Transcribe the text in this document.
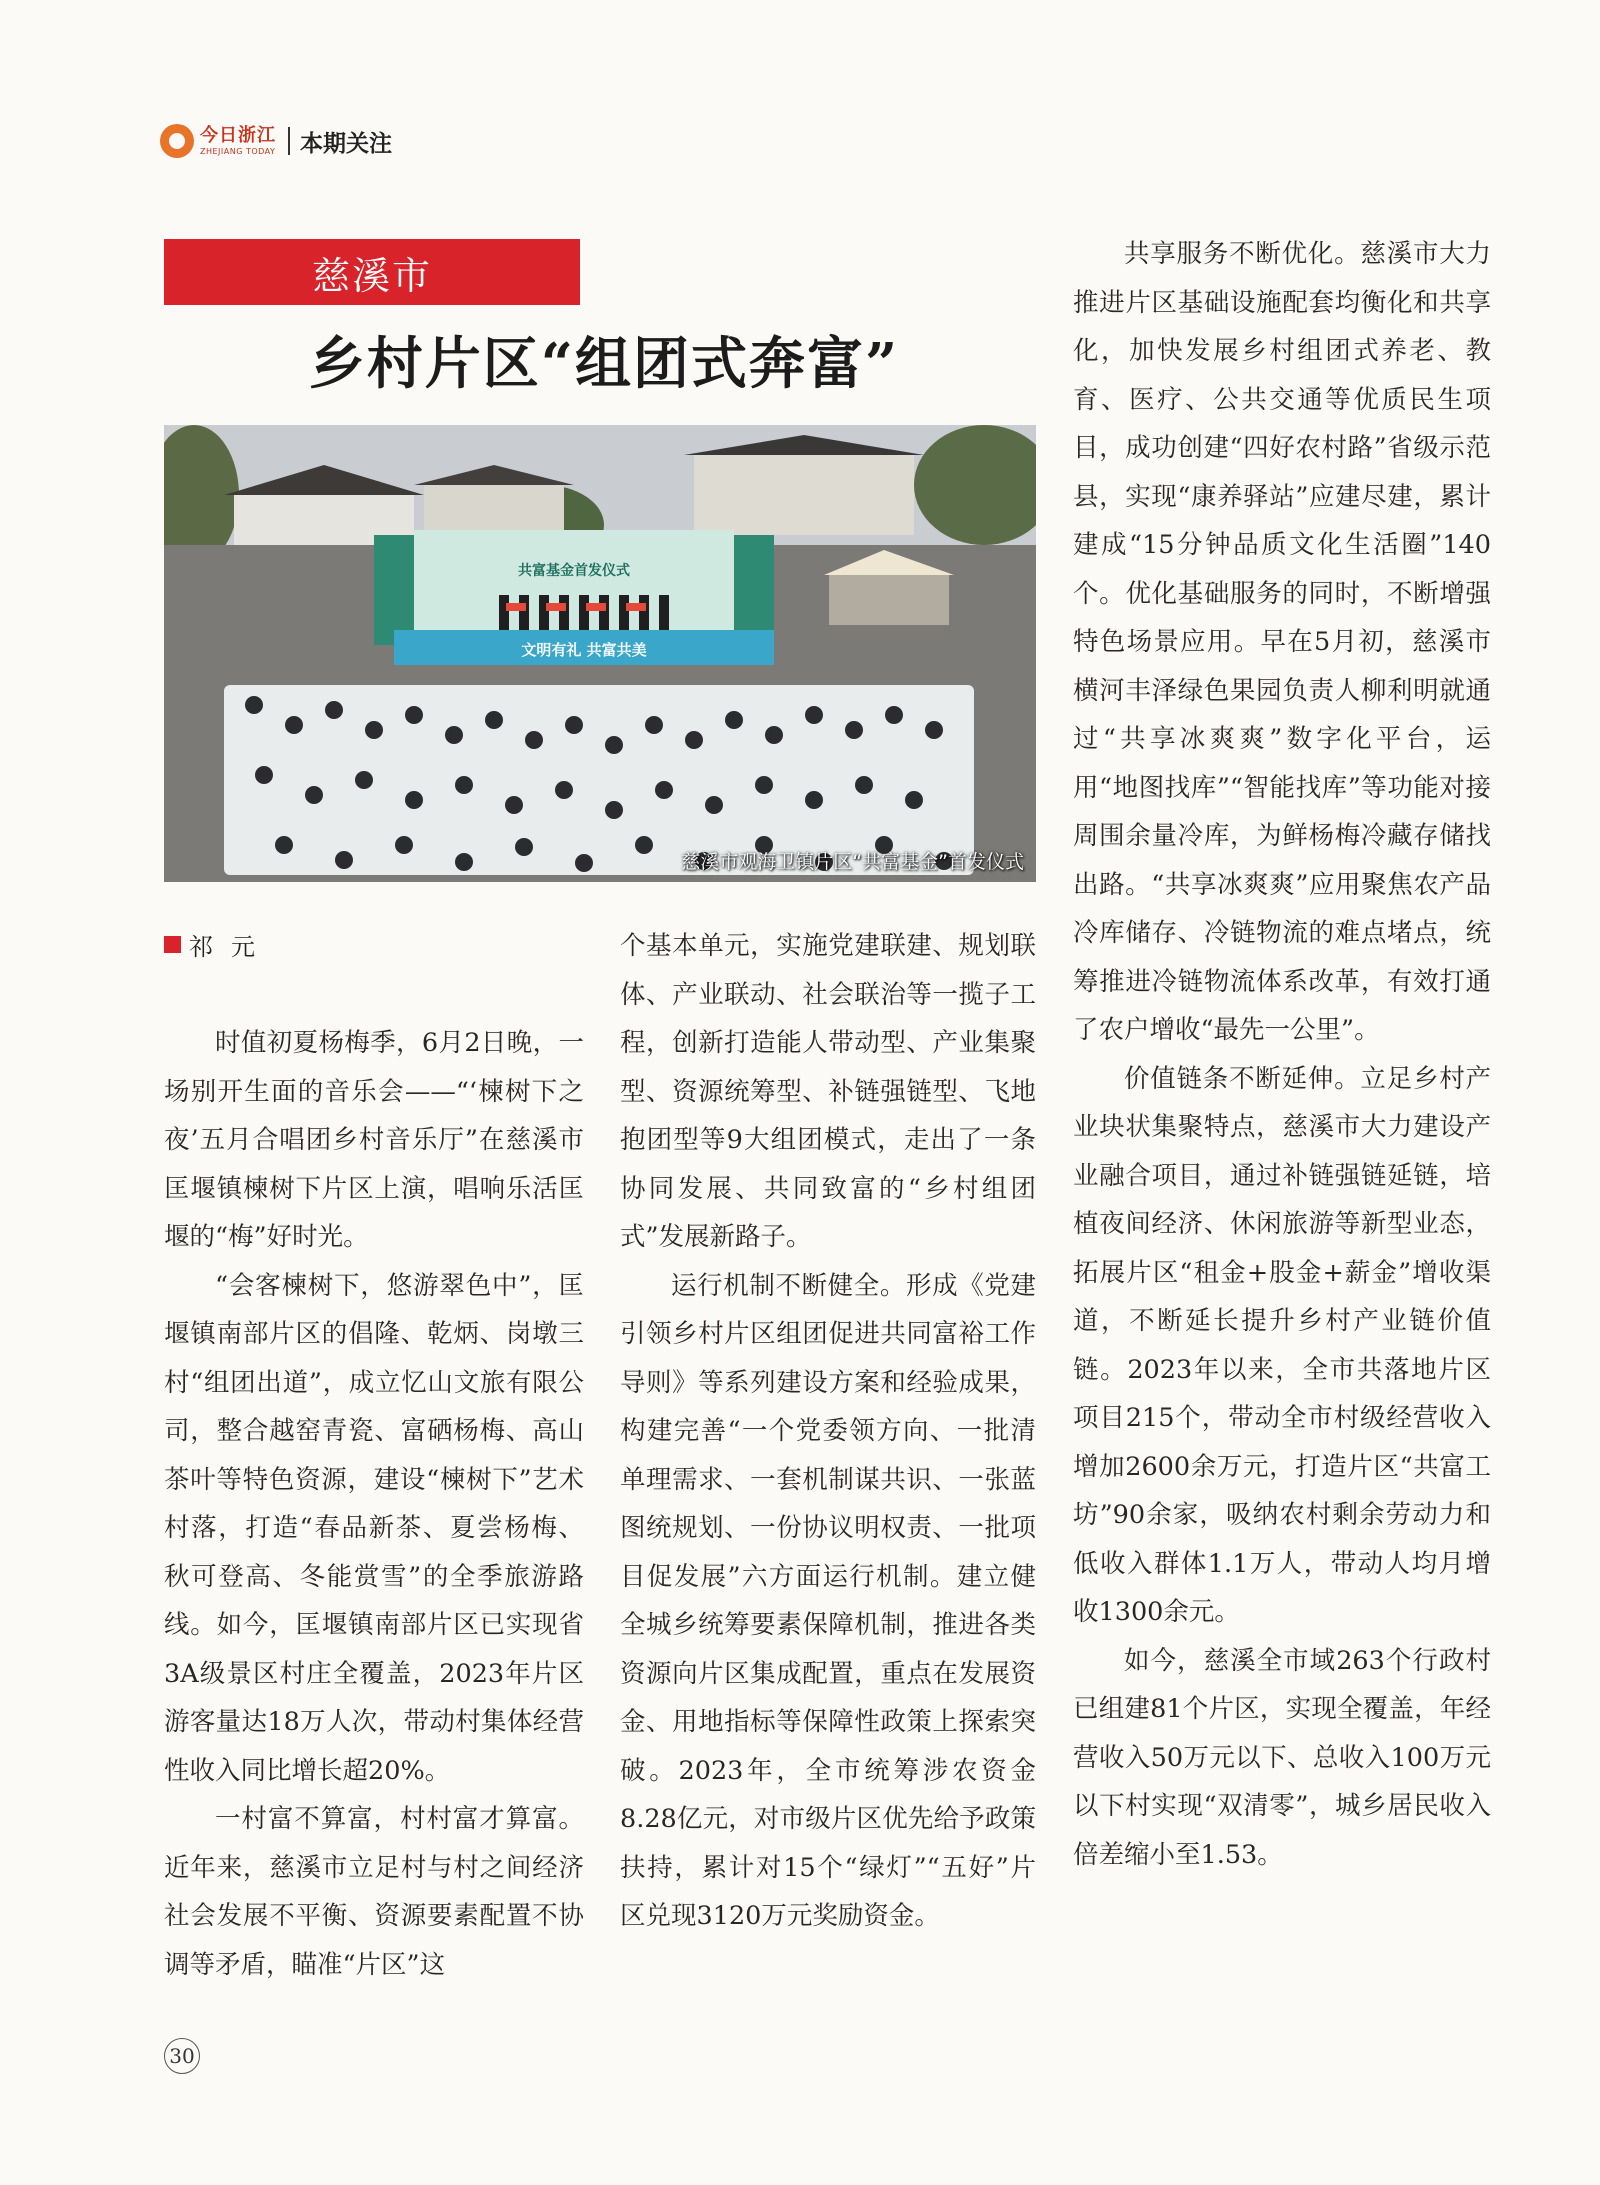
今日浙江
ZHEJIANG TODAY 本期关注
慈溪市
乡村片区“组团式奔富”
共富基金首发仪式
文明有礼 共富共美
慈溪市观海卫镇片区“共富基金”首发仪式
祁元

时值初夏杨梅季，6月2日晚，一场别开生面的音乐会——“‘楝树下之夜’五月合唱团乡村音乐厅”在慈溪市匡堰镇楝树下片区上演，唱响乐活匡堰的“梅”好时光。

“会客楝树下，悠游翠色中”，匡堰镇南部片区的倡隆、乾炳、岗墩三村“组团出道”，成立忆山文旅有限公司，整合越窑青瓷、富硒杨梅、高山茶叶等特色资源，建设“楝树下”艺术村落，打造“春品新茶、夏尝杨梅、秋可登高、冬能赏雪”的全季旅游路线。如今，匡堰镇南部片区已实现省3A级景区村庄全覆盖，2023年片区游客量达18万人次，带动村集体经营性收入同比增长超20%。

一村富不算富，村村富才算富。近年来，慈溪市立足村与村之间经济社会发展不平衡、资源要素配置不协调等矛盾，瞄准“片区”这

个基本单元，实施党建联建、规划联体、产业联动、社会联治等一揽子工程，创新打造能人带动型、产业集聚型、资源统筹型、补链强链型、飞地抱团型等9大组团模式，走出了一条协同发展、共同致富的“乡村组团式”发展新路子。

运行机制不断健全。形成《党建引领乡村片区组团促进共同富裕工作导则》等系列建设方案和经验成果，构建完善“一个党委领方向、一批清单理需求、一套机制谋共识、一张蓝图统规划、一份协议明权责、一批项目促发展”六方面运行机制。建立健全城乡统筹要素保障机制，推进各类资源向片区集成配置，重点在发展资金、用地指标等保障性政策上探索突破。2023年，全市统筹涉农资金8.28亿元，对市级片区优先给予政策扶持，累计对15个“绿灯”“五好”片区兑现3120万元奖励资金。

共享服务不断优化。慈溪市大力推进片区基础设施配套均衡化和共享化，加快发展乡村组团式养老、教育、医疗、公共交通等优质民生项目，成功创建“四好农村路”省级示范县，实现“康养驿站”应建尽建，累计建成“15分钟品质文化生活圈”140个。优化基础服务的同时，不断增强特色场景应用。早在5月初，慈溪市横河丰泽绿色果园负责人柳利明就通过“共享冰爽爽”数字化平台，运用“地图找库”“智能找库”等功能对接周围余量冷库，为鲜杨梅冷藏存储找出路。“共享冰爽爽”应用聚焦农产品冷库储存、冷链物流的难点堵点，统筹推进冷链物流体系改革，有效打通了农户增收“最先一公里”。

价值链条不断延伸。立足乡村产业块状集聚特点，慈溪市大力建设产业融合项目，通过补链强链延链，培植夜间经济、休闲旅游等新型业态，拓展片区“租金+股金+薪金”增收渠道，不断延长提升乡村产业链价值链。2023年以来，全市共落地片区项目215个，带动全市村级经营收入增加2600余万元，打造片区“共富工坊”90余家，吸纳农村剩余劳动力和低收入群体1.1万人，带动人均月增收1300余元。

如今，慈溪全市域263个行政村已组建81个片区，实现全覆盖，年经营收入50万元以下、总收入100万元以下村实现“双清零”，城乡居民收入倍差缩小至1.53。

30
